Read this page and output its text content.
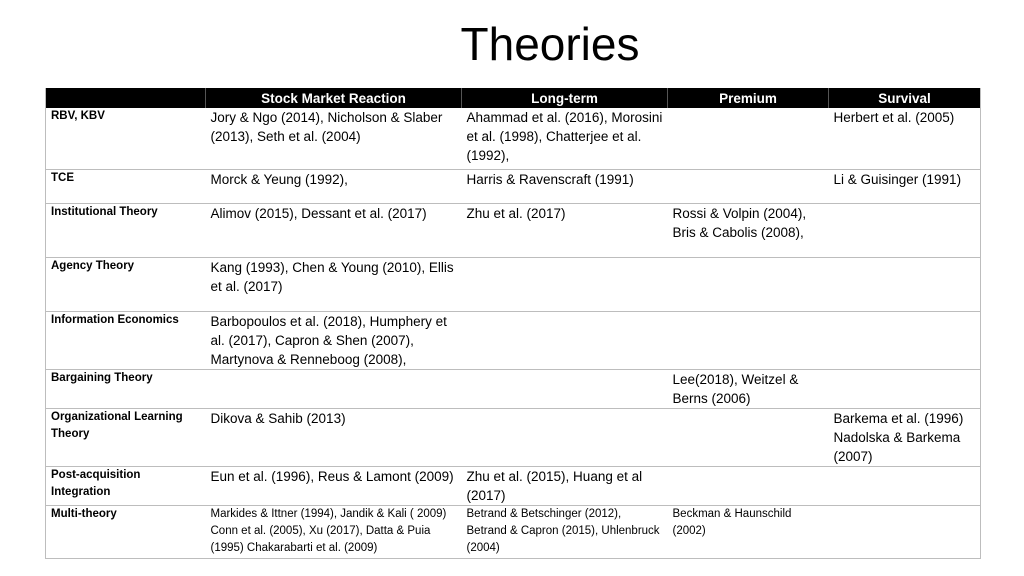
Theories
	Stock Market Reaction	Long-term	Premium	Survival
RBV, KBV	Jory & Ngo (2014), Nicholson & Slaber (2013), Seth et al. (2004)	Ahammad et al. (2016), Morosini et al. (1998), Chatterjee et al. (1992),		Herbert et al. (2005)
TCE	Morck & Yeung (1992),	Harris & Ravenscraft (1991)		Li & Guisinger (1991)
Institutional Theory	Alimov (2015), Dessant et al. (2017)	Zhu et al. (2017)	Rossi & Volpin (2004), Bris & Cabolis (2008),	
Agency Theory	Kang (1993), Chen & Young (2010), Ellis et al. (2017)			
Information Economics	Barbopoulos et al. (2018), Humphery et al. (2017), Capron & Shen (2007), Martynova & Renneboog (2008),			
Bargaining Theory			Lee(2018), Weitzel & Berns (2006)	
Organizational Learning Theory	Dikova & Sahib (2013)			Barkema et al. (1996) Nadolska & Barkema (2007)
Post-acquisition Integration	Eun et al. (1996), Reus & Lamont (2009)	Zhu et al. (2015), Huang et al (2017)		
Multi-theory	Markides & Ittner (1994), Jandik & Kali ( 2009) Conn et al. (2005), Xu (2017), Datta & Puia (1995) Chakarabarti et al. (2009)	Betrand & Betschinger (2012), Betrand & Capron (2015), Uhlenbruck (2004)	Beckman & Haunschild (2002)	
